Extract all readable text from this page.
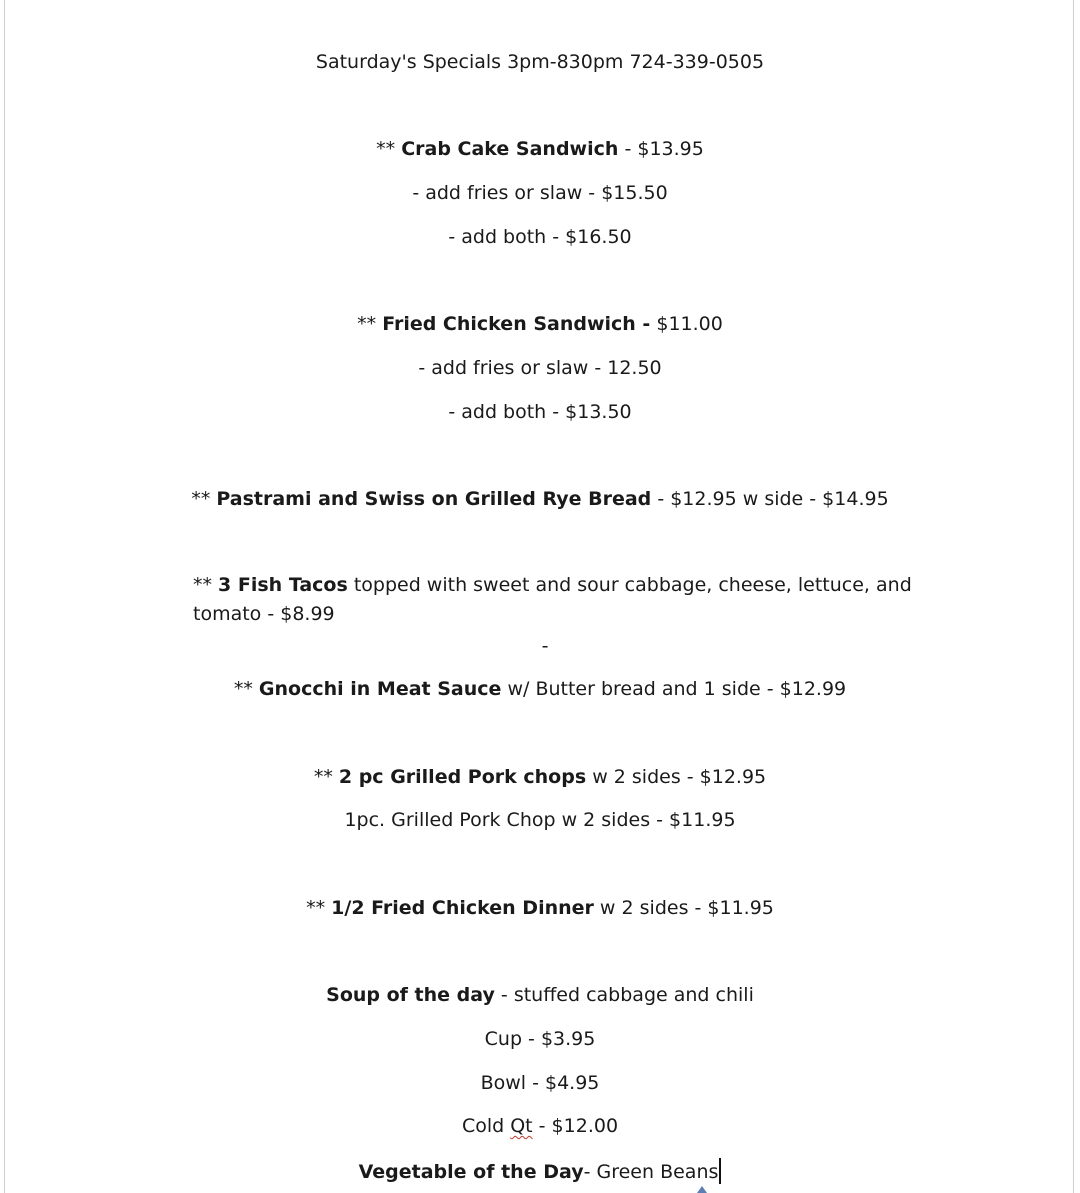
Saturday's Specials 3pm-830pm 724-339-0505
** Crab Cake Sandwich - $13.95
- add fries or slaw - $15.50
- add both - $16.50
** Fried Chicken Sandwich - $11.00
- add fries or slaw - 12.50
- add both - $13.50
** Pastrami and Swiss on Grilled Rye Bread - $12.95 w side - $14.95
** 3 Fish Tacos topped with sweet and sour cabbage, cheese, lettuce, and tomato - $8.99
-
** Gnocchi in Meat Sauce w/ Butter bread and 1 side - $12.99
** 2 pc Grilled Pork chops w 2 sides - $12.95
1pc. Grilled Pork Chop w 2 sides - $11.95
** 1/2 Fried Chicken Dinner w 2 sides - $11.95
Soup of the day - stuffed cabbage and chili
Cup - $3.95
Bowl - $4.95
Cold Qt - $12.00
Vegetable of the Day- Green Beans
